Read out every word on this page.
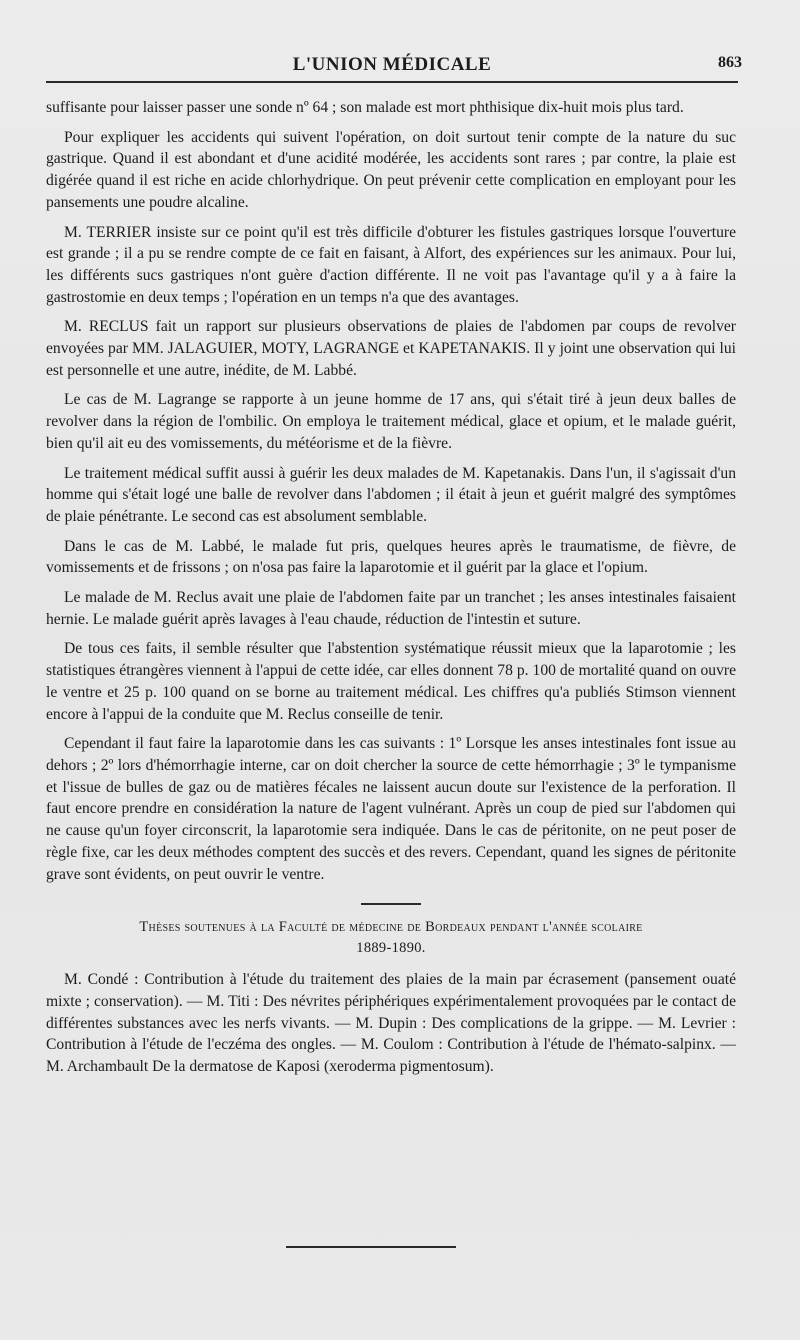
L'UNION MÉDICALE	863

suffisante pour laisser passer une sonde nº 64 ; son malade est mort phthisique dix-huit mois plus tard.

Pour expliquer les accidents qui suivent l'opération, on doit surtout tenir compte de la nature du suc gastrique. Quand il est abondant et d'une acidité modérée, les accidents sont rares ; par contre, la plaie est digérée quand il est riche en acide chlorhydrique. On peut prévenir cette complication en employant pour les pansements une poudre alcaline.

M. TERRIER insiste sur ce point qu'il est très difficile d'obturer les fistules gastriques lorsque l'ouverture est grande ; il a pu se rendre compte de ce fait en faisant, à Alfort, des expériences sur les animaux. Pour lui, les différents sucs gastriques n'ont guère d'action différente. Il ne voit pas l'avantage qu'il y a à faire la gastrostomie en deux temps ; l'opération en un temps n'a que des avantages.

M. RECLUS fait un rapport sur plusieurs observations de plaies de l'abdomen par coups de revolver envoyées par MM. JALAGUIER, MOTY, LAGRANGE et KAPETANAKIS. Il y joint une observation qui lui est personnelle et une autre, inédite, de M. Labbé.

Le cas de M. Lagrange se rapporte à un jeune homme de 17 ans, qui s'était tiré à jeun deux balles de revolver dans la région de l'ombilic. On employa le traitement médical, glace et opium, et le malade guérit, bien qu'il ait eu des vomissements, du météorisme et de la fièvre.

Le traitement médical suffit aussi à guérir les deux malades de M. Kapetanakis. Dans l'un, il s'agissait d'un homme qui s'était logé une balle de revolver dans l'abdomen ; il était à jeun et guérit malgré des symptômes de plaie pénétrante. Le second cas est absolument semblable.

Dans le cas de M. Labbé, le malade fut pris, quelques heures après le traumatisme, de fièvre, de vomissements et de frissons ; on n'osa pas faire la laparotomie et il guérit par la glace et l'opium.

Le malade de M. Reclus avait une plaie de l'abdomen faite par un tranchet ; les anses intestinales faisaient hernie. Le malade guérit après lavages à l'eau chaude, réduction de l'intestin et suture.

De tous ces faits, il semble résulter que l'abstention systématique réussit mieux que la laparotomie ; les statistiques étrangères viennent à l'appui de cette idée, car elles donnent 78 p. 100 de mortalité quand on ouvre le ventre et 25 p. 100 quand on se borne au traitement médical. Les chiffres qu'a publiés Stimson viennent encore à l'appui de la conduite que M. Reclus conseille de tenir.

Cependant il faut faire la laparotomie dans les cas suivants : 1º Lorsque les anses intestinales font issue au dehors ; 2º lors d'hémorrhagie interne, car on doit chercher la source de cette hémorrhagie ; 3º le tympanisme et l'issue de bulles de gaz ou de matières fécales ne laissent aucun doute sur l'existence de la perforation. Il faut encore prendre en considération la nature de l'agent vulnérant. Après un coup de pied sur l'abdomen qui ne cause qu'un foyer circonscrit, la laparotomie sera indiquée. Dans le cas de péritonite, on ne peut poser de règle fixe, car les deux méthodes comptent des succès et des revers. Cependant, quand les signes de péritonite grave sont évidents, on peut ouvrir le ventre.

Thèses soutenues à la Faculté de médecine de Bordeaux pendant l'année scolaire
1889-1890.

M. Condé : Contribution à l'étude du traitement des plaies de la main par écrasement (pansement ouaté mixte ; conservation). — M. Titi : Des névrites périphériques expérimentalement provoquées par le contact de différentes substances avec les nerfs vivants. — M. Dupin : Des complications de la grippe. — M. Levrier : Contribution à l'étude de l'eczéma des ongles. — M. Coulom : Contribution à l'étude de l'hémato-salpinx. — M. Archambault De la dermatose de Kaposi (xeroderma pigmentosum).
